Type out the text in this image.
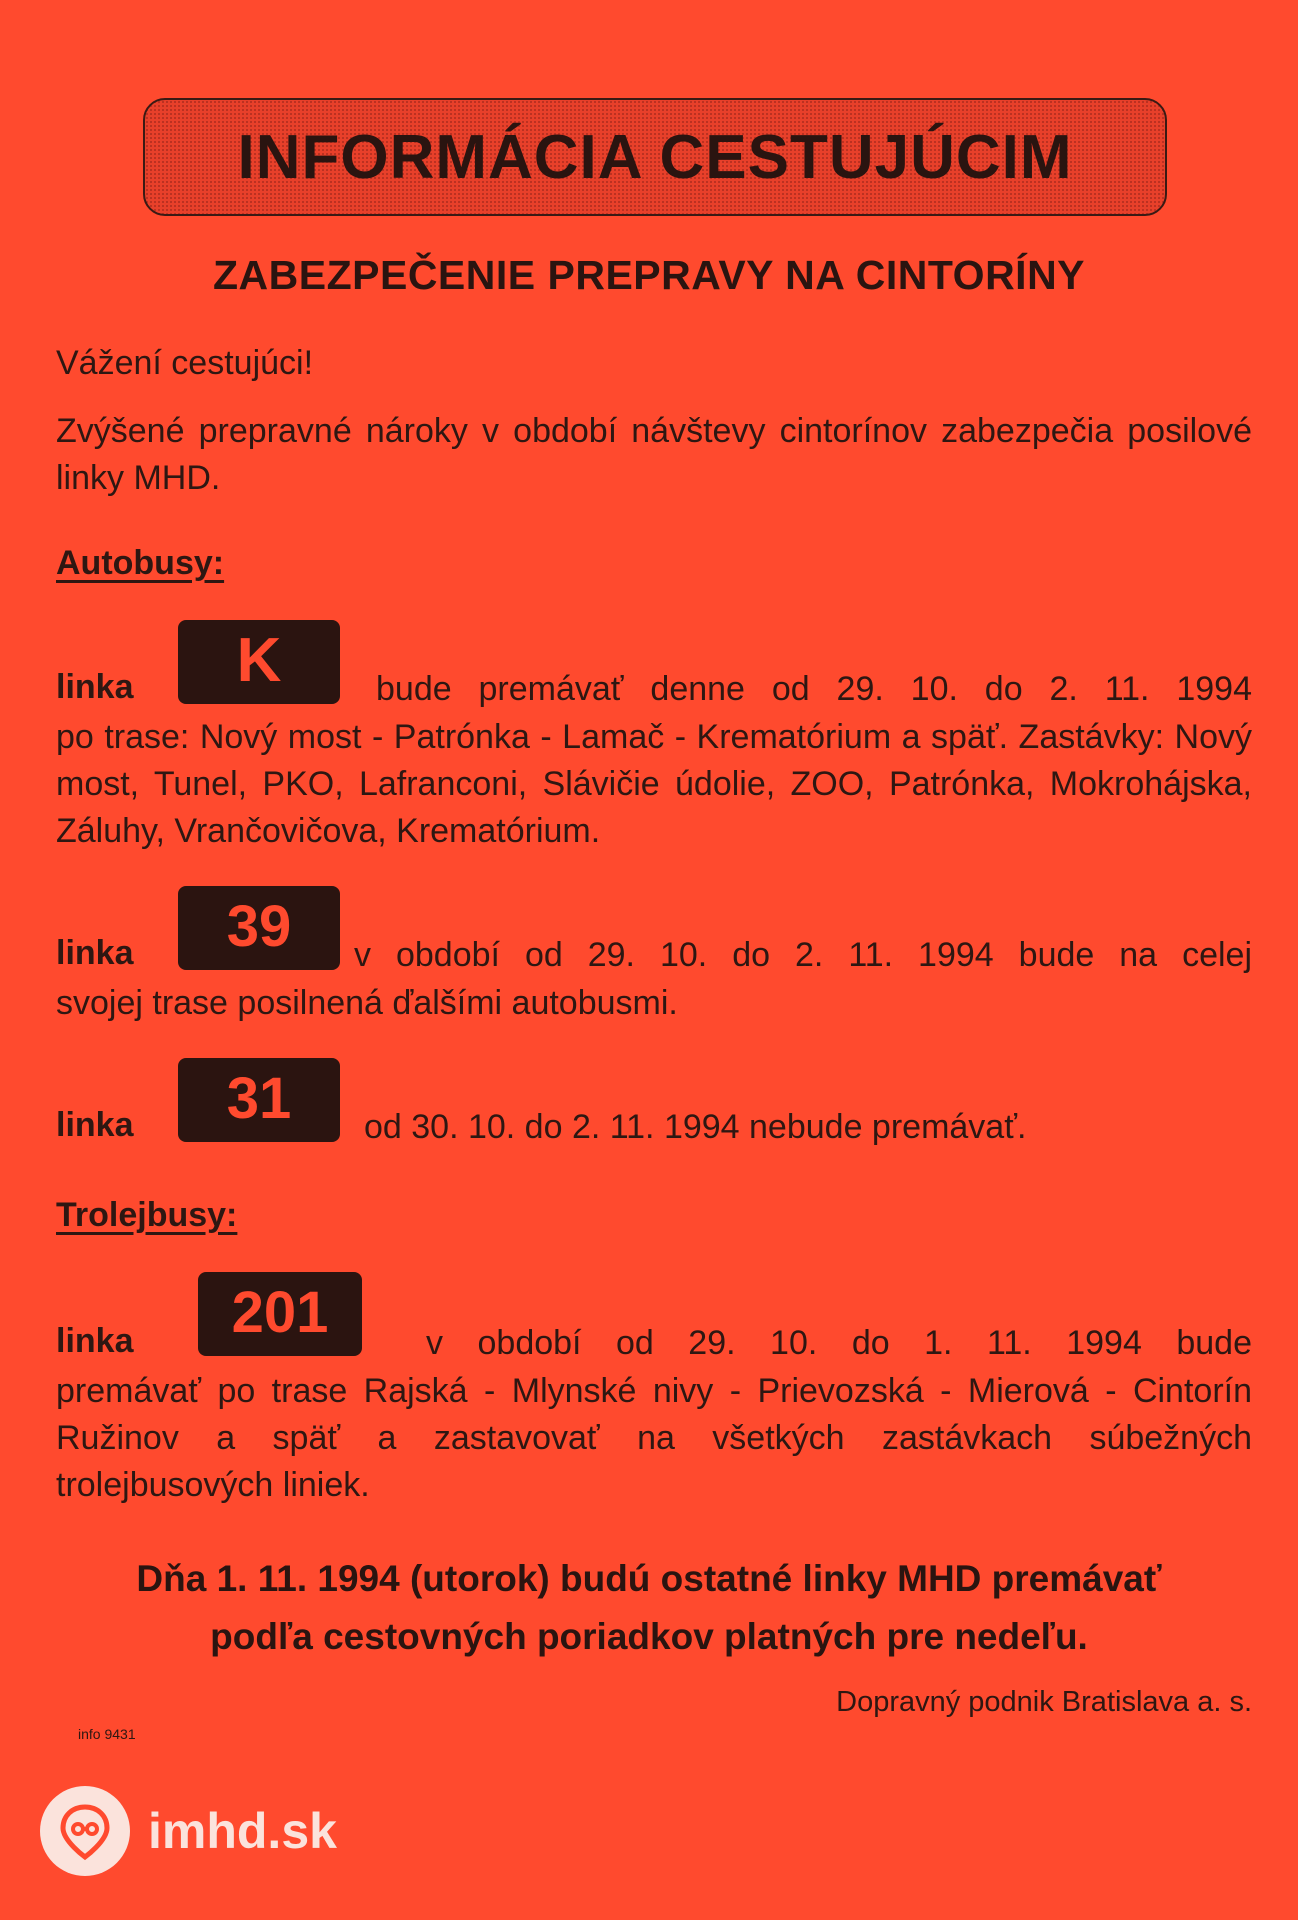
INFORMÁCIA CESTUJÚCIM
ZABEZPEČENIE PREPRAVY NA CINTORÍNY
Vážení cestujúci!
Zvýšené prepravné nároky v období návštevy cintorínov zabezpečia posilové linky MHD.
Autobusy:
linka	K	bude premávať denne od 29. 10. do 2. 11. 1994
po trase: Nový most - Patrónka - Lamač - Krematórium a späť. Zastávky: Nový most, Tunel, PKO, Lafranconi, Slávičie údolie, ZOO, Patrónka, Mokrohájska, Záluhy, Vrančovičova, Krematórium.
linka	39	v období od 29. 10. do 2. 11. 1994 bude na celej
svojej trase posilnená ďalšími autobusmi.
linka	31	od 30. 10. do 2. 11. 1994 nebude premávať.
Trolejbusy:
linka	201	v období od 29. 10. do 1. 11. 1994 bude
premávať po trase Rajská - Mlynské nivy - Prievozská - Mierová - Cintorín Ružinov a späť a zastavovať na všetkých zastávkach súbežných trolejbusových liniek.
Dňa 1. 11. 1994 (utorok) budú ostatné linky MHD premávať
podľa cestovných poriadkov platných pre nedeľu.
Dopravný podnik Bratislava a. s.
info 9431
imhd.sk
